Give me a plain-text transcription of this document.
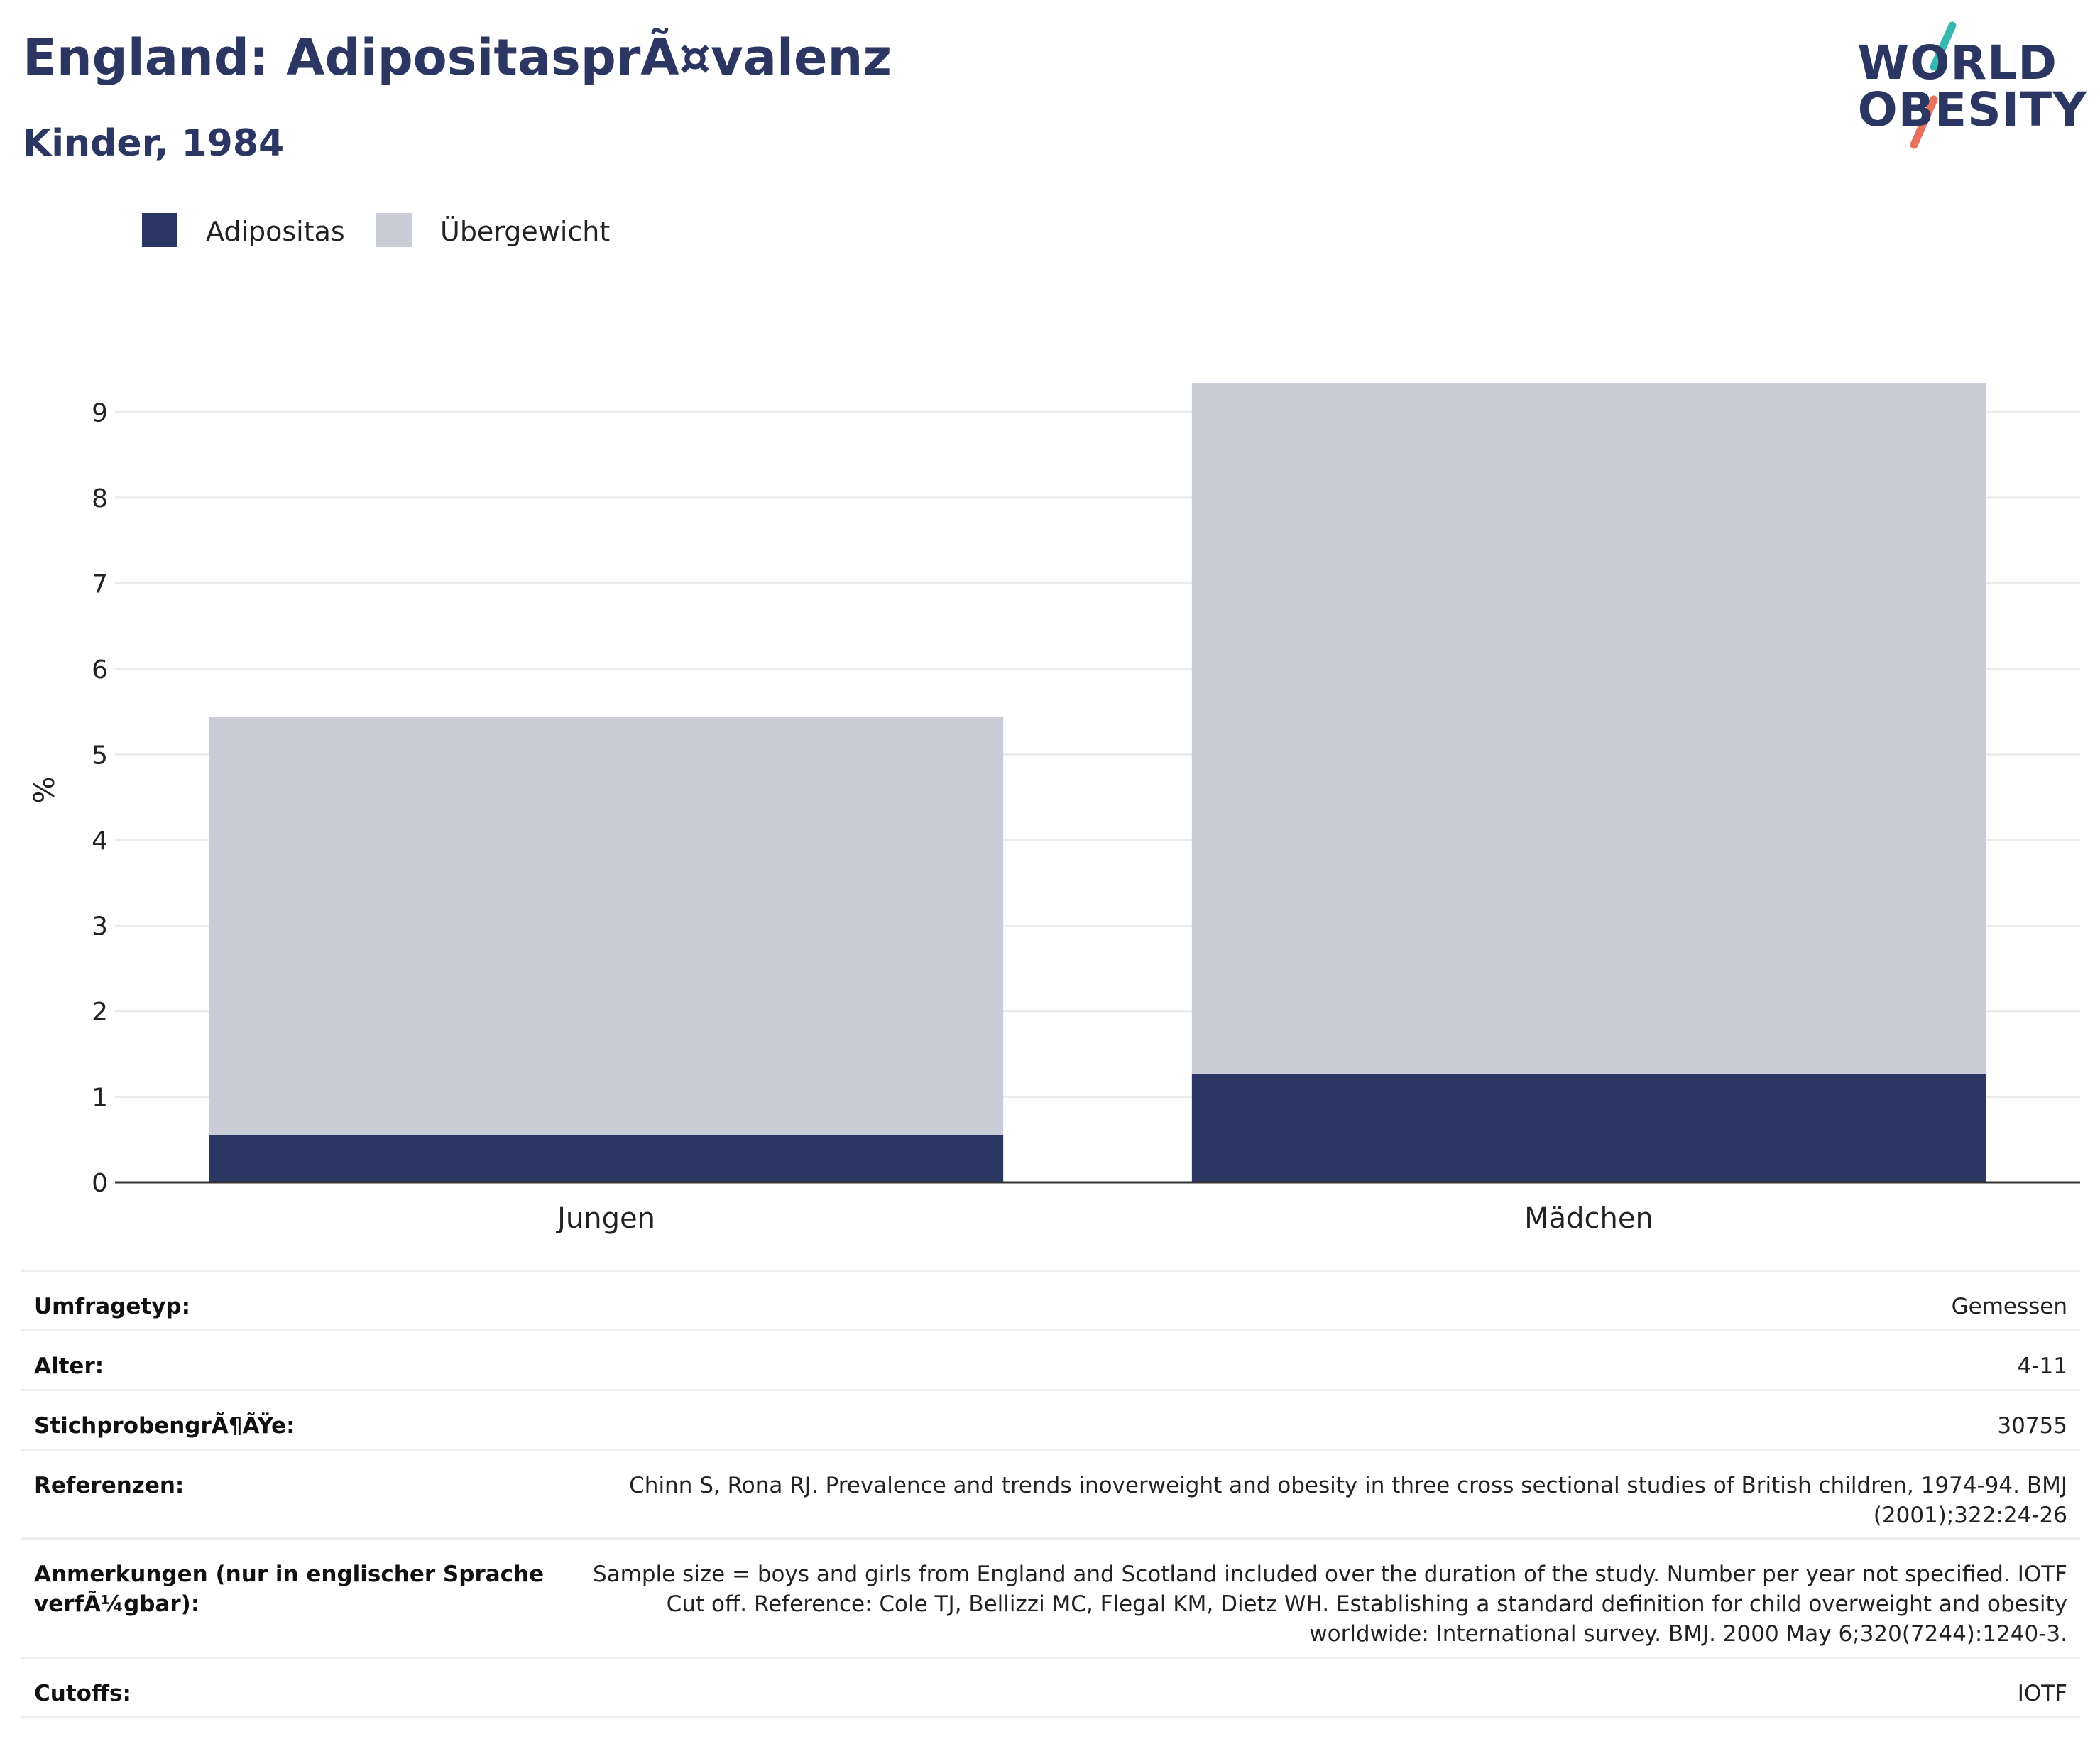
England: AdipositasprÃ¤valenz
Kinder, 1984
WORLD
OBESITY
Adipositas	Übergewicht
0
1
2
3
4
5
6
7
8
9
%
Jungen	Mädchen
Umfragetyp:	Gemessen
Alter:	4-11
StichprobengrÃ¶ÃŸe:	30755
Referenzen:	Chinn S, Rona RJ. Prevalence and trends inoverweight and obesity in three cross sectional studies of British children, 1974-94. BMJ (2001);322:24-26
Anmerkungen (nur in englischer Sprache verfÃ¼gbar):
Sample size = boys and girls from England and Scotland included over the duration of the study. Number per year not specified. IOTF Cut off. Reference: Cole TJ, Bellizzi MC, Flegal KM, Dietz WH. Establishing a standard definition for child overweight and obesity worldwide: International survey. BMJ. 2000 May 6;320(7244):1240-3.
Cutoffs:	IOTF
